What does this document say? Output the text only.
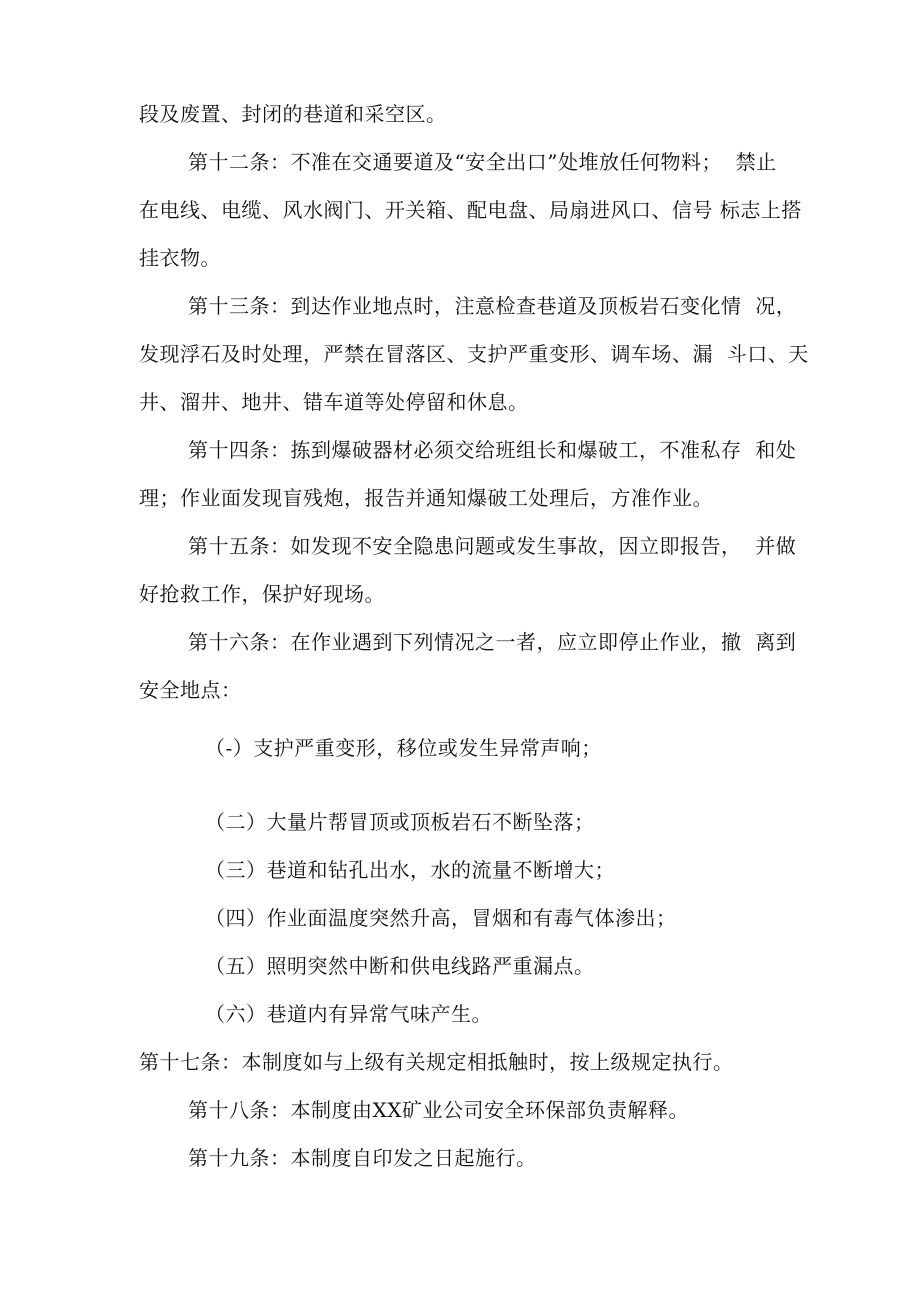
段及废置、封闭的巷道和采空区。
第十二条：不准在交通要道及“安全出口”处堆放任何物料；  禁止
在电线、电缆、风水阀门、开关箱、配电盘、局扇进风口、信号 标志上搭
挂衣物。
第十三条：到达作业地点时，注意检查巷道及顶板岩石变化情  况，
发现浮石及时处理，严禁在冒落区、支护严重变形、调车场、漏  斗口、天
井、溜井、地井、错车道等处停留和休息。
第十四条：拣到爆破器材必须交给班组长和爆破工，不准私存  和处
理；作业面发现盲残炮，报告并通知爆破工处理后，方准作业。
第十五条：如发现不安全隐患问题或发生事故，因立即报告，  并做
好抢救工作，保护好现场。
第十六条：在作业遇到下列情况之一者，应立即停止作业，撤  离到
安全地点：
（-）支护严重变形，移位或发生异常声响；
（二）大量片帮冒顶或顶板岩石不断坠落；
（三）巷道和钻孔出水，水的流量不断增大；
（四）作业面温度突然升高，冒烟和有毒气体渗出；
（五）照明突然中断和供电线路严重漏点。
（六）巷道内有异常气味产生。
第十七条：本制度如与上级有关规定相抵触时，按上级规定执行。
第十八条：本制度由XX矿业公司安全环保部负责解释。
第十九条：本制度自印发之日起施行。
